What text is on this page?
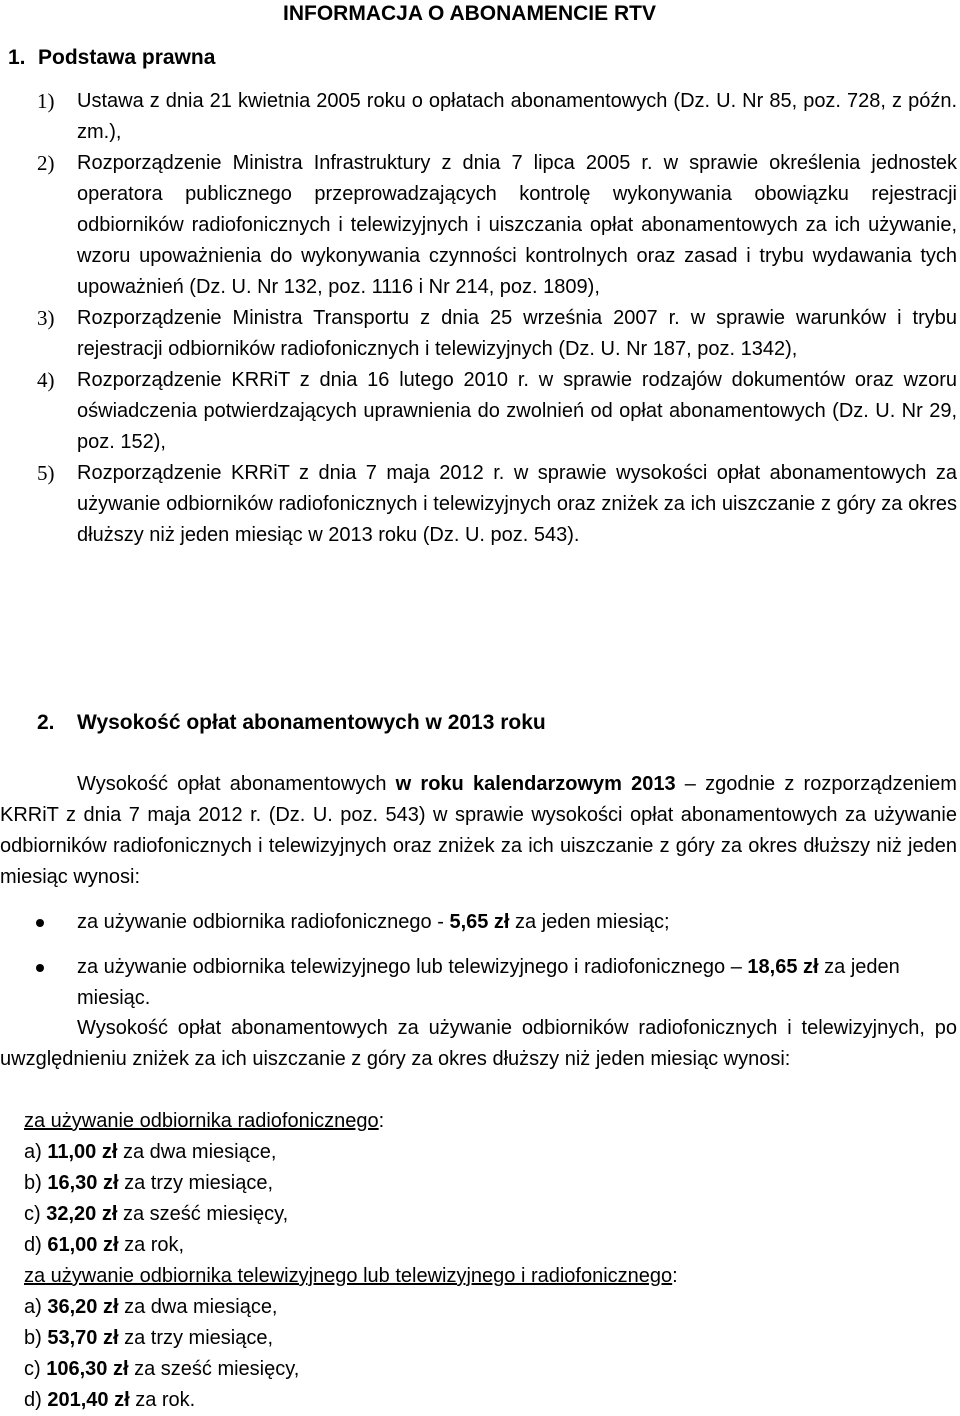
INFORMACJA O ABONAMENCIE RTV
1. Podstawa prawna
1) Ustawa z dnia 21 kwietnia 2005 roku o opłatach abonamentowych (Dz. U. Nr 85, poz. 728, z późn. zm.),
2) Rozporządzenie Ministra Infrastruktury z dnia 7 lipca 2005 r. w sprawie określenia jednostek operatora publicznego przeprowadzających kontrolę wykonywania obowiązku rejestracji odbiorników radiofonicznych i telewizyjnych i uiszczania opłat abonamentowych za ich używanie, wzoru upoważnienia do wykonywania czynności kontrolnych oraz zasad i trybu wydawania tych upoważnień (Dz. U. Nr 132, poz. 1116 i Nr 214, poz. 1809),
3) Rozporządzenie Ministra Transportu z dnia 25 września 2007 r. w sprawie warunków i trybu rejestracji odbiorników radiofonicznych i telewizyjnych (Dz. U. Nr 187, poz. 1342),
4) Rozporządzenie KRRiT z dnia 16 lutego 2010 r. w sprawie rodzajów dokumentów oraz wzoru oświadczenia potwierdzających uprawnienia do zwolnień od opłat abonamentowych (Dz. U. Nr 29, poz. 152),
5) Rozporządzenie KRRiT z dnia 7 maja 2012 r. w sprawie wysokości opłat abonamentowych za używanie odbiorników radiofonicznych i telewizyjnych oraz zniżek za ich uiszczanie z góry za okres dłuższy niż jeden miesiąc w 2013 roku (Dz. U. poz. 543).
2. Wysokość opłat abonamentowych w 2013 roku

Wysokość opłat abonamentowych w roku kalendarzowym 2013 – zgodnie z rozporządzeniem KRRiT z dnia 7 maja 2012 r. (Dz. U. poz. 543) w sprawie wysokości opłat abonamentowych za używanie odbiorników radiofonicznych i telewizyjnych oraz zniżek za ich uiszczanie z góry za okres dłuższy niż jeden miesiąc wynosi:

za używanie odbiornika radiofonicznego - 5,65 zł za jeden miesiąc;
za używanie odbiornika telewizyjnego lub telewizyjnego i radiofonicznego – 18,65 zł za jeden miesiąc.

Wysokość opłat abonamentowych za używanie odbiorników radiofonicznych i telewizyjnych, po uwzględnieniu zniżek za ich uiszczanie z góry za okres dłuższy niż jeden miesiąc wynosi:

za używanie odbiornika radiofonicznego:
a) 11,00 zł za dwa miesiące,
b) 16,30 zł za trzy miesiące,
c) 32,20 zł za sześć miesięcy,
d) 61,00 zł za rok,
za używanie odbiornika telewizyjnego lub telewizyjnego i radiofonicznego:
a) 36,20 zł za dwa miesiące,
b) 53,70 zł za trzy miesiące,
c) 106,30 zł za sześć miesięcy,
d) 201,40 zł za rok.
